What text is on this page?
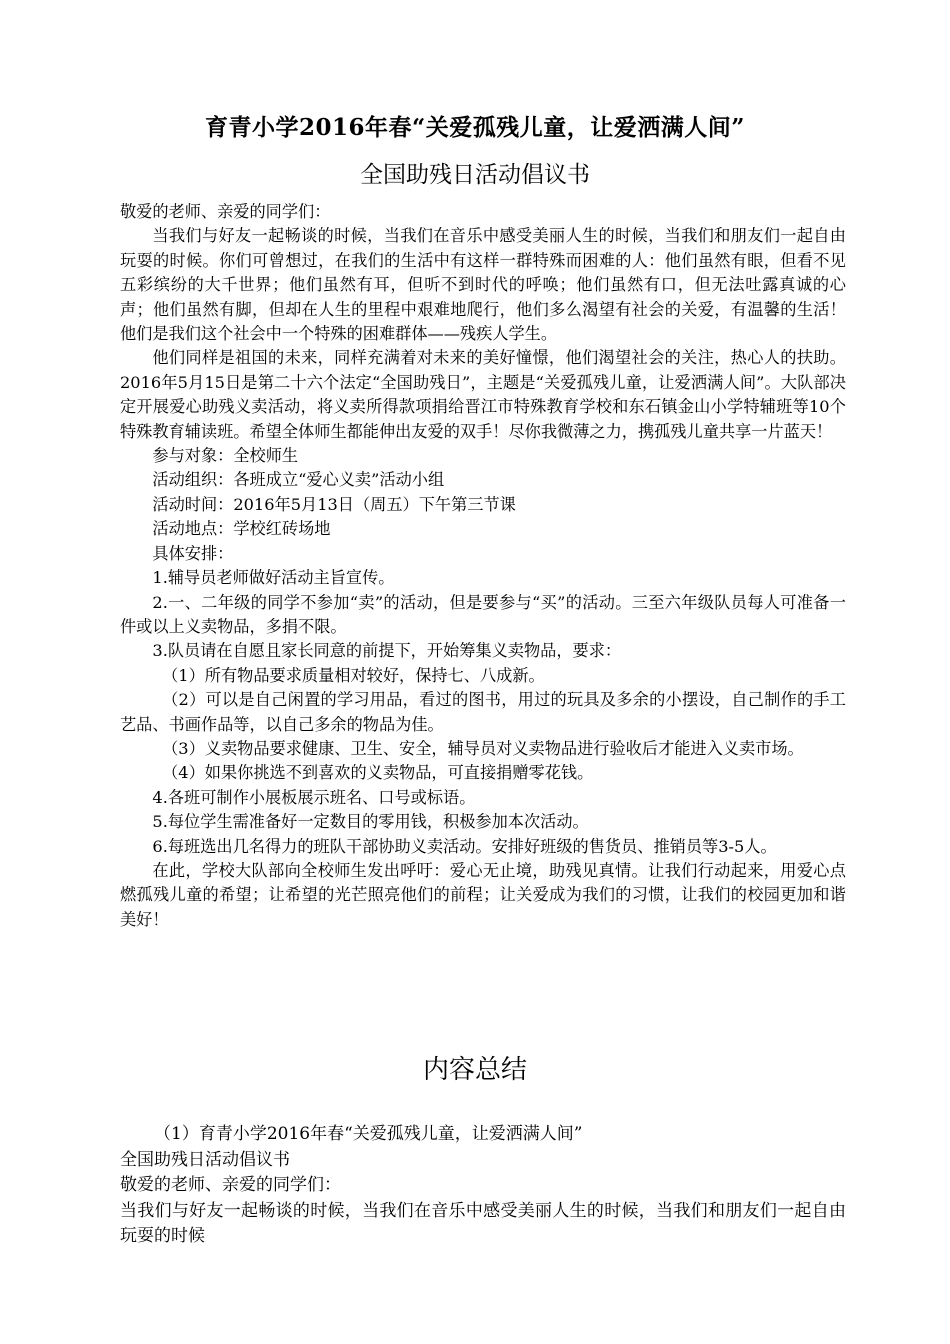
育青小学2016年春“关爱孤残儿童，让爱洒满人间”
全国助残日活动倡议书

敬爱的老师、亲爱的同学们：

当我们与好友一起畅谈的时候，当我们在音乐中感受美丽人生的时候，当我们和朋友们一起自由玩耍的时候。你们可曾想过，在我们的生活中有这样一群特殊而困难的人：他们虽然有眼，但看不见五彩缤纷的大千世界；他们虽然有耳，但听不到时代的呼唤；他们虽然有口，但无法吐露真诚的心声；他们虽然有脚，但却在人生的里程中艰难地爬行，他们多么渴望有社会的关爱，有温馨的生活！他们是我们这个社会中一个特殊的困难群体——残疾人学生。

他们同样是祖国的未来，同样充满着对未来的美好憧憬，他们渴望社会的关注，热心人的扶助。2016年5月15日是第二十六个法定“全国助残日”，主题是“关爱孤残儿童，让爱洒满人间”。大队部决定开展爱心助残义卖活动，将义卖所得款项捐给晋江市特殊教育学校和东石镇金山小学特辅班等10个特殊教育辅读班。希望全体师生都能伸出友爱的双手！尽你我微薄之力，携孤残儿童共享一片蓝天！

参与对象：全校师生

活动组织：各班成立“爱心义卖”活动小组

活动时间：2016年5月13日（周五）下午第三节课

活动地点：学校红砖场地

具体安排：

1.辅导员老师做好活动主旨宣传。

2.一、二年级的同学不参加“卖”的活动，但是要参与“买”的活动。三至六年级队员每人可准备一件或以上义卖物品，多捐不限。

3.队员请在自愿且家长同意的前提下，开始筹集义卖物品，要求：

（1）所有物品要求质量相对较好，保持七、八成新。

（2）可以是自己闲置的学习用品，看过的图书，用过的玩具及多余的小摆设，自己制作的手工艺品、书画作品等，以自己多余的物品为佳。

（3）义卖物品要求健康、卫生、安全，辅导员对义卖物品进行验收后才能进入义卖市场。

（4）如果你挑选不到喜欢的义卖物品，可直接捐赠零花钱。

4.各班可制作小展板展示班名、口号或标语。

5.每位学生需准备好一定数目的零用钱，积极参加本次活动。

6.每班选出几名得力的班队干部协助义卖活动。安排好班级的售货员、推销员等3-5人。

在此，学校大队部向全校师生发出呼吁：爱心无止境，助残见真情。让我们行动起来，用爱心点燃孤残儿童的希望；让希望的光芒照亮他们的前程；让关爱成为我们的习惯，让我们的校园更加和谐美好！

内容总结

（1）育青小学2016年春“关爱孤残儿童，让爱洒满人间”

全国助残日活动倡议书

敬爱的老师、亲爱的同学们：

当我们与好友一起畅谈的时候，当我们在音乐中感受美丽人生的时候，当我们和朋友们一起自由玩耍的时候
